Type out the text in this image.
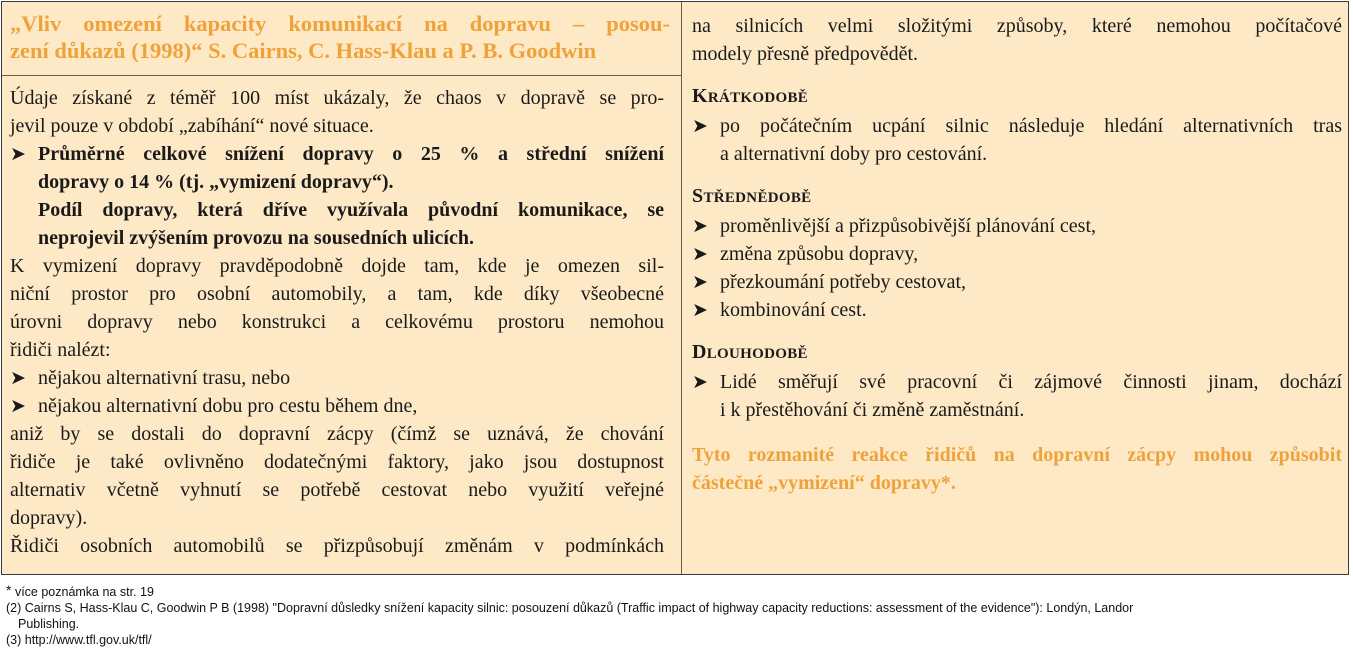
„Vliv omezení kapacity komunikací na dopravu – posou-
zení důkazů (1998)“ S. Cairns, C. Hass-Klau a P. B. Goodwin
Údaje získané z téměř 100 míst ukázaly, že chaos v dopravě se pro-
jevil pouze v období „zabíhání“ nové situace.
➤ Průměrné celkové snížení dopravy o 25 % a střední snížení
dopravy o 14 % (tj. „vymizení dopravy“).
Podíl dopravy, která dříve využívala původní komunikace, se
neprojevil zvýšením provozu na sousedních ulicích.
K vymizení dopravy pravděpodobně dojde tam, kde je omezen sil-
niční prostor pro osobní automobily, a tam, kde díky všeobecné
úrovni dopravy nebo konstrukci a celkovému prostoru nemohou
řidiči nalézt:
➤ nějakou alternativní trasu, nebo
➤ nějakou alternativní dobu pro cestu během dne,
aniž by se dostali do dopravní zácpy (čímž se uznává, že chování
řidiče je také ovlivněno dodatečnými faktory, jako jsou dostupnost
alternativ včetně vyhnutí se potřebě cestovat nebo využití veřejné
dopravy).
Řidiči osobních automobilů se přizpůsobují změnám v podmínkách
na silnicích velmi složitými způsoby, které nemohou počítačové
modely přesně předpovědět.
KRÁTKODOBĚ
➤ po počátečním ucpání silnic následuje hledání alternativních tras
a alternativní doby pro cestování.
STŘEDNĚDOBĚ
➤ proměnlivější a přizpůsobivější plánování cest,
➤ změna způsobu dopravy,
➤ přezkoumání potřeby cestovat,
➤ kombinování cest.
DLOUHODOBĚ
➤ Lidé směřují své pracovní či zájmové činnosti jinam, dochází
i k přestěhování či změně zaměstnání.
Tyto rozmanité reakce řidičů na dopravní zácpy mohou způsobit
částečné „vymizení“ dopravy*.

* více poznámka na str. 19

(2) Cairns S, Hass-Klau C, Goodwin P B (1998) "Dopravní důsledky snížení kapacity silnic: posouzení důkazů (Traffic impact of highway capacity reductions: assessment of the evidence"): Londýn, Landor

Publishing.

(3) http://www.tfl.gov.uk/tfl/
